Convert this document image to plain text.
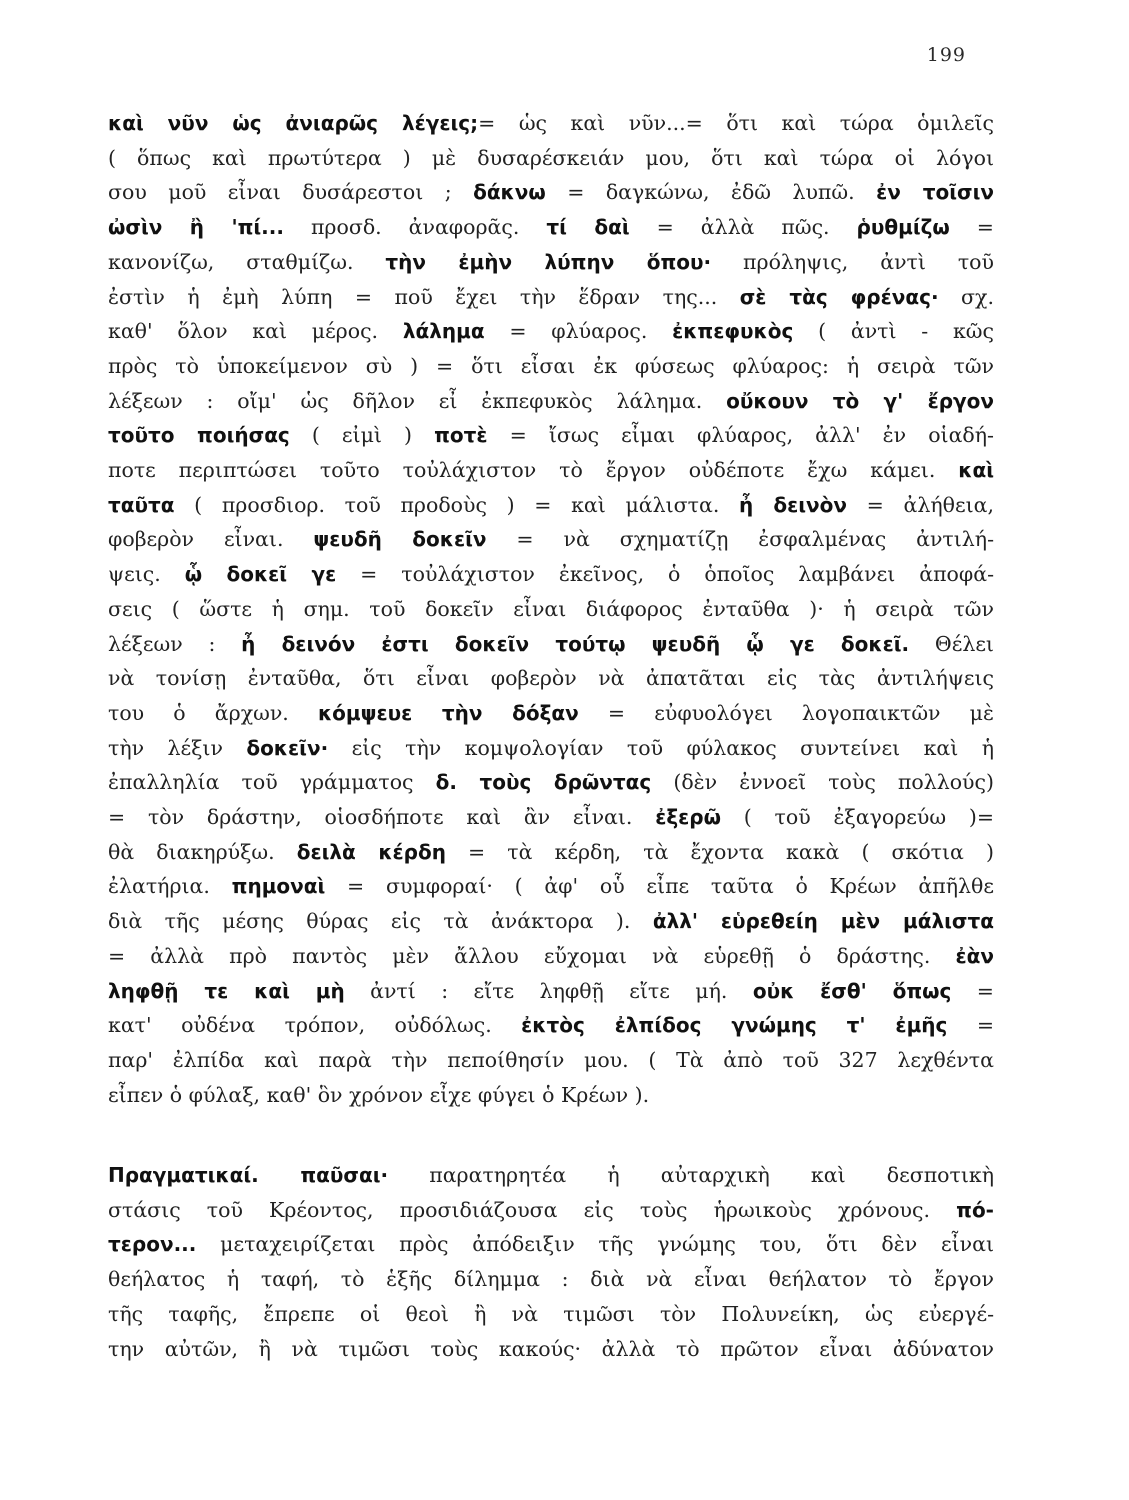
199
καὶ νῦν ὡς ἀνιαρῶς λέγεις;= ὡς καὶ νῦν...= ὅτι καὶ τώρα ὁμιλεῖς
( ὅπως καὶ πρωτύτερα ) μὲ δυσαρέσκειάν μου, ὅτι καὶ τώρα οἱ λόγοι
σου μοῦ εἶναι δυσάρεστοι ; δάκνω = δαγκώνω, ἐδῶ λυπῶ. ἐν τοῖσιν
ὠσὶν ἢ 'πί... προσδ. ἀναφορᾶς. τί δαὶ = ἀλλὰ πῶς. ῥυθμίζω =
κανονίζω, σταθμίζω. τὴν ἐμὴν λύπην ὅπου· πρόληψις, ἀντὶ τοῦ
ἐστὶν ἡ ἐμὴ λύπη = ποῦ ἔχει τὴν ἕδραν της... σὲ τὰς φρένας· σχ.
καθ' ὅλον καὶ μέρος. λάλημα = φλύαρος. ἐκπεφυκὸς ( ἀντὶ - κῶς
πρὸς τὸ ὑποκείμενον σὺ ) = ὅτι εἶσαι ἐκ φύσεως φλύαρος: ἡ σειρὰ τῶν
λέξεων : οἴμ' ὡς δῆλον εἶ ἐκπεφυκὸς λάλημα. οὔκουν τὸ γ' ἔργον
τοῦτο ποιήσας ( εἰμὶ ) ποτὲ = ἴσως εἶμαι φλύαρος, ἀλλ' ἐν οἱαδή-
ποτε περιπτώσει τοῦτο τοὐλάχιστον τὸ ἔργον οὐδέποτε ἔχω κάμει. καὶ
ταῦτα ( προσδιορ. τοῦ προδοὺς ) = καὶ μάλιστα. ἦ δεινὸν = ἀλήθεια,
φοβερὸν εἶναι. ψευδῆ δοκεῖν = νὰ σχηματίζῃ ἐσφαλμένας ἀντιλή-
ψεις. ᾧ δοκεῖ γε = τοὐλάχιστον ἐκεῖνος, ὁ ὁποῖος λαμβάνει ἀποφά-
σεις ( ὥστε ἡ σημ. τοῦ δοκεῖν εἶναι διάφορος ἐνταῦθα )· ἡ σειρὰ τῶν
λέξεων : ἦ δεινόν ἐστι δοκεῖν τούτῳ ψευδῆ ᾧ γε δοκεῖ. Θέλει
νὰ τονίσῃ ἐνταῦθα, ὅτι εἶναι φοβερὸν νὰ ἀπατᾶται εἰς τὰς ἀντιλήψεις
του ὁ ἄρχων. κόμψευε τὴν δόξαν = εὐφυολόγει λογοπαικτῶν μὲ
τὴν λέξιν δοκεῖν· εἰς τὴν κομψολογίαν τοῦ φύλακος συντείνει καὶ ἡ
ἐπαλληλία τοῦ γράμματος δ. τοὺς δρῶντας (δὲν ἐννοεῖ τοὺς πολλούς)
= τὸν δράστην, οἱοσδήποτε καὶ ἂν εἶναι. ἐξερῶ ( τοῦ ἐξαγορεύω )=
θὰ διακηρύξω. δειλὰ κέρδη = τὰ κέρδη, τὰ ἔχοντα κακὰ ( σκότια )
ἐλατήρια. πημοναὶ = συμφοραί· ( ἀφ' οὗ εἶπε ταῦτα ὁ Κρέων ἀπῆλθε
διὰ τῆς μέσης θύρας εἰς τὰ ἀνάκτορα ). ἀλλ' εὑρεθείη μὲν μάλιστα
= ἀλλὰ πρὸ παντὸς μὲν ἄλλου εὔχομαι νὰ εὑρεθῇ ὁ δράστης. ἐὰν
ληφθῇ τε καὶ μὴ ἀντί : εἴτε ληφθῇ εἴτε μή. οὐκ ἔσθ' ὅπως =
κατ' οὐδένα τρόπον, οὐδόλως. ἐκτὸς ἐλπίδος γνώμης τ' ἐμῆς =
παρ' ἐλπίδα καὶ παρὰ τὴν πεποίθησίν μου. ( Τὰ ἀπὸ τοῦ 327 λεχθέντα
εἶπεν ὁ φύλαξ, καθ' ὃν χρόνον εἶχε φύγει ὁ Κρέων ).
Πραγματικαί. παῦσαι· παρατηρητέα ἡ αὐταρχικὴ καὶ δεσποτικὴ
στάσις τοῦ Κρέοντος, προσιδιάζουσα εἰς τοὺς ἡρωικοὺς χρόνους. πό-
τερον... μεταχειρίζεται πρὸς ἀπόδειξιν τῆς γνώμης του, ὅτι δὲν εἶναι
θεήλατος ἡ ταφή, τὸ ἑξῆς δίλημμα : διὰ νὰ εἶναι θεήλατον τὸ ἔργον
τῆς ταφῆς, ἔπρεπε οἱ θεοὶ ἢ νὰ τιμῶσι τὸν Πολυνείκη, ὡς εὐεργέ-
την αὐτῶν, ἢ νὰ τιμῶσι τοὺς κακούς· ἀλλὰ τὸ πρῶτον εἶναι ἀδύνατον
